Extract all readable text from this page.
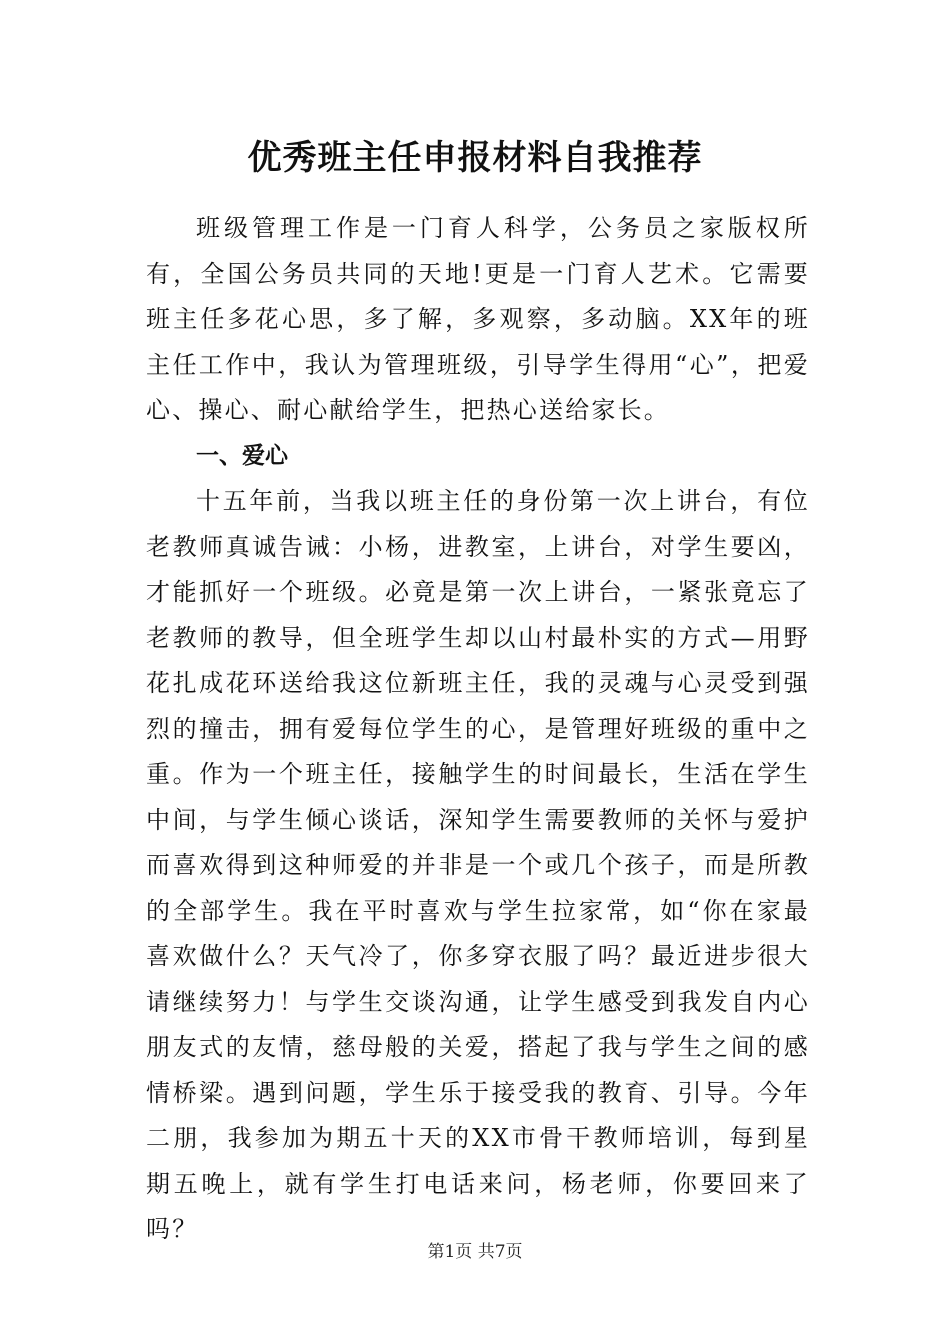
优秀班主任申报材料自我推荐

班级管理工作是一门育人科学，公务员之家版权所有，全国公务员共同的天地!更是一门育人艺术。它需要班主任多花心思，多了解，多观察，多动脑。XX年的班主任工作中，我认为管理班级，引导学生得用“心”，把爱心、操心、耐心献给学生，把热心送给家长。

一、爱心

十五年前，当我以班主任的身份第一次上讲台，有位老教师真诚告诫：小杨，进教室，上讲台，对学生要凶，才能抓好一个班级。必竟是第一次上讲台，一紧张竟忘了老教师的教导，但全班学生却以山村最朴实的方式—用野花扎成花环送给我这位新班主任，我的灵魂与心灵受到强烈的撞击，拥有爱每位学生的心，是管理好班级的重中之重。作为一个班主任，接触学生的时间最长，生活在学生中间，与学生倾心谈话，深知学生需要教师的关怀与爱护而喜欢得到这种师爱的并非是一个或几个孩子，而是所教的全部学生。我在平时喜欢与学生拉家常，如“你在家最喜欢做什么？天气冷了，你多穿衣服了吗？最近进步很大请继续努力！与学生交谈沟通，让学生感受到我发自内心朋友式的友情，慈母般的关爱，搭起了我与学生之间的感情桥梁。遇到问题，学生乐于接受我的教育、引导。今年二朋，我参加为期五十天的XX市骨干教师培训，每到星期五晚上，就有学生打电话来问，杨老师，你要回来了吗？

第1页 共7页
